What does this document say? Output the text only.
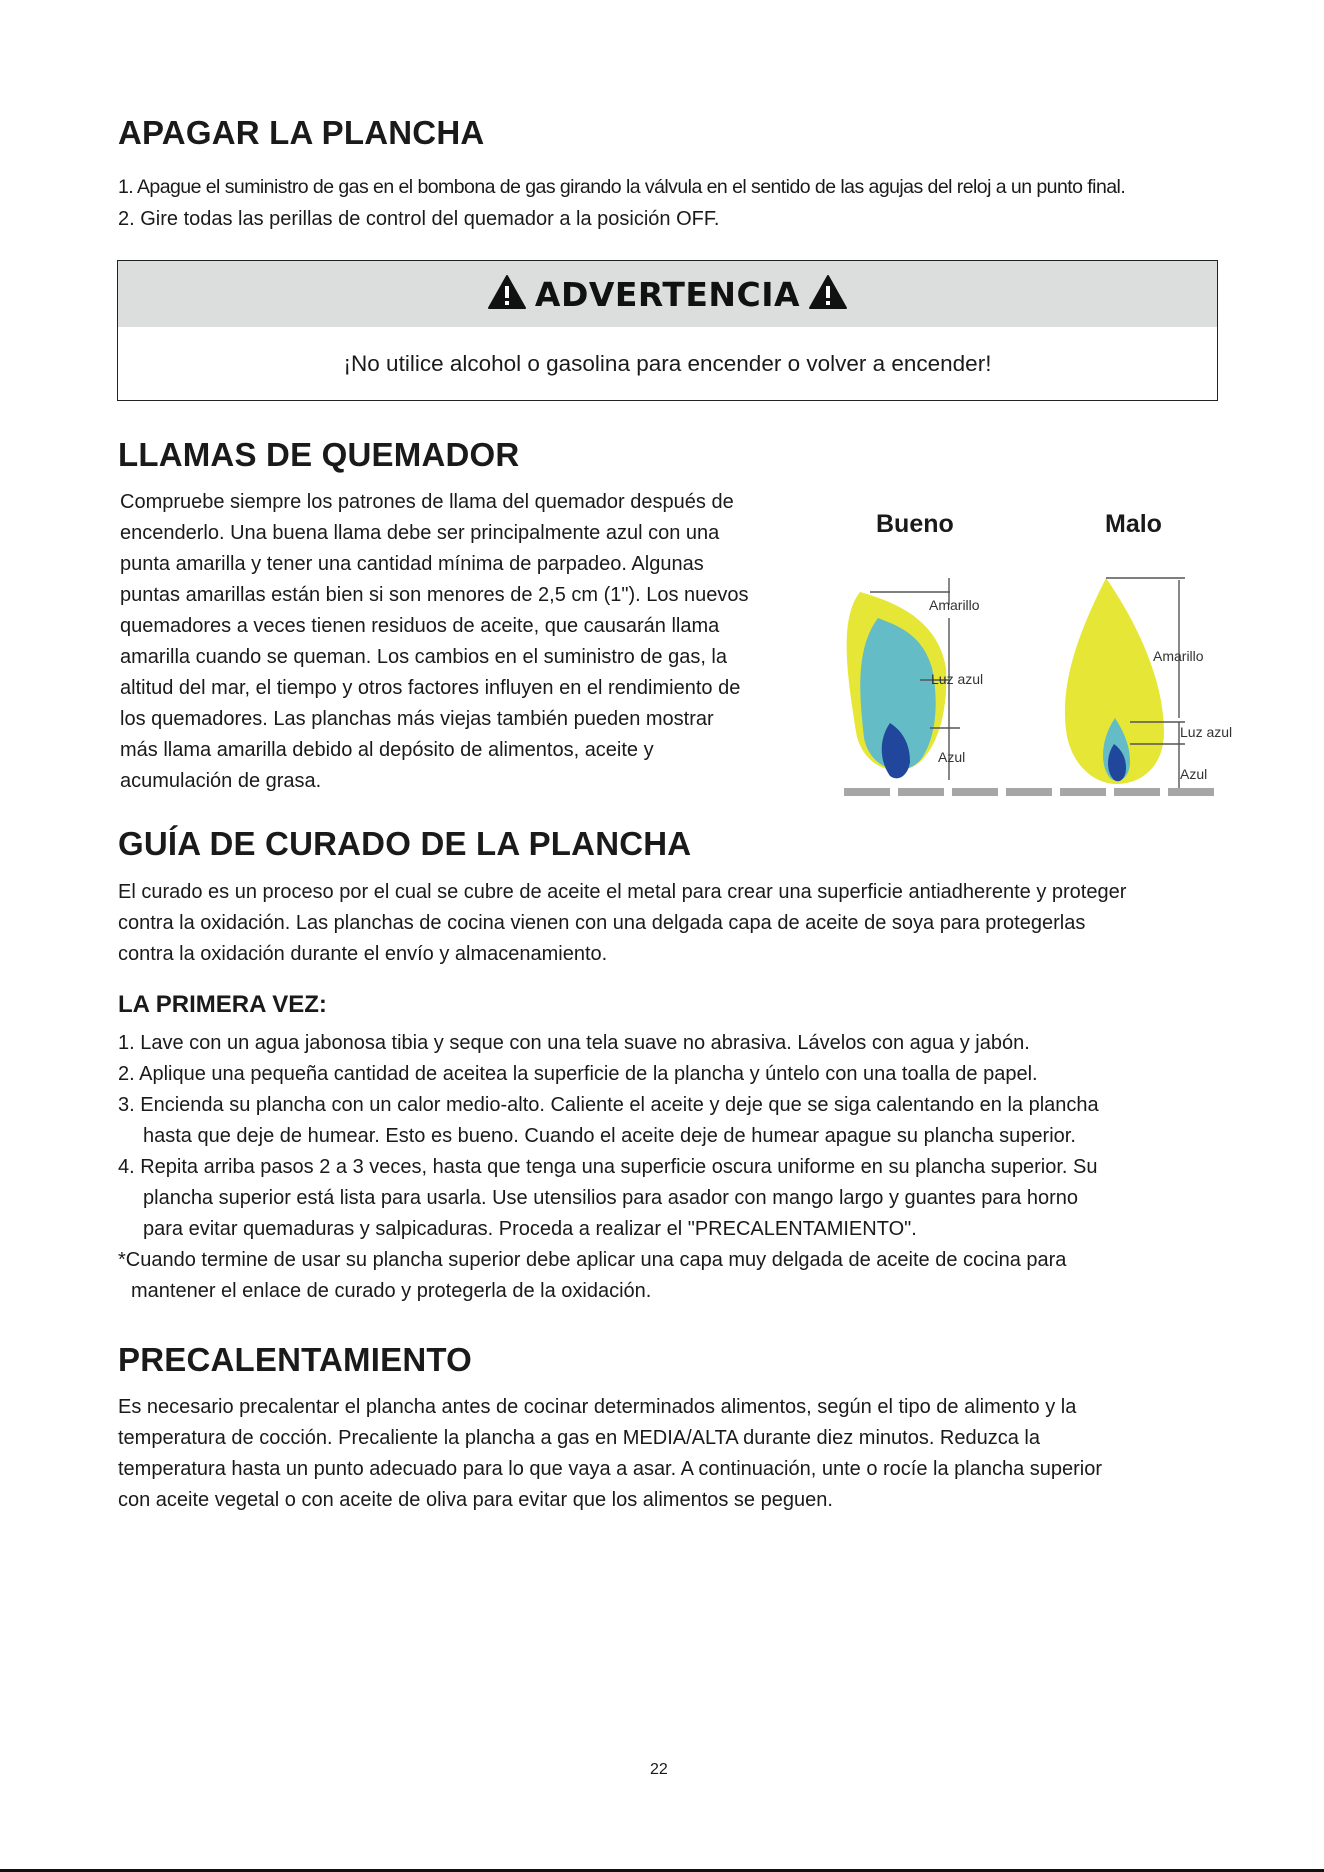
APAGAR LA PLANCHA
1. Apague el suministro de gas en el bombona de gas girando la válvula en el sentido de las agujas del reloj a un punto final.
2. Gire todas las perillas de control del quemador a la posición OFF.
ADVERTENCIA
¡No utilice alcohol o gasolina para encender o volver a encender!
LLAMAS DE QUEMADOR
Compruebe siempre los patrones de llama del quemador después de
encenderlo. Una buena llama debe ser principalmente azul con una
punta amarilla y tener una cantidad mínima de parpadeo. Algunas
puntas amarillas están bien si son menores de 2,5 cm (1"). Los nuevos
quemadores a veces tienen residuos de aceite, que causarán llama
amarilla cuando se queman. Los cambios en el suministro de gas, la
altitud del mar, el tiempo y otros factores influyen en el rendimiento de
los quemadores. Las planchas más viejas también pueden mostrar
más llama amarilla debido al depósito de alimentos, aceite y
acumulación de grasa.
Bueno	Malo
Amarillo
Luz azul
Azul
Amarillo
Luz azul
Azul
GUÍA DE CURADO DE LA PLANCHA
El curado es un proceso por el cual se cubre de aceite el metal para crear una superficie antiadherente y proteger
contra la oxidación. Las planchas de cocina vienen con una delgada capa de aceite de soya para protegerlas
contra la oxidación durante el envío y almacenamiento.
LA PRIMERA VEZ:
1. Lave con un agua jabonosa tibia y seque con una tela suave no abrasiva. Lávelos con agua y jabón.
2. Aplique una pequeña cantidad de aceitea la superficie de la plancha y úntelo con una toalla de papel.
3. Encienda su plancha con un calor medio-alto. Caliente el aceite y deje que se siga calentando en la plancha
hasta que deje de humear. Esto es bueno. Cuando el aceite deje de humear apague su plancha superior.
4. Repita arriba pasos 2 a 3 veces, hasta que tenga una superficie oscura uniforme en su plancha superior. Su
plancha superior está lista para usarla. Use utensilios para asador con mango largo y guantes para horno
para evitar quemaduras y salpicaduras. Proceda a realizar el "PRECALENTAMIENTO".
*Cuando termine de usar su plancha superior debe aplicar una capa muy delgada de aceite de cocina para
mantener el enlace de curado y protegerla de la oxidación.
PRECALENTAMIENTO
Es necesario precalentar el plancha antes de cocinar determinados alimentos, según el tipo de alimento y la
temperatura de cocción. Precaliente la plancha a gas en MEDIA/ALTA durante diez minutos. Reduzca la
temperatura hasta un punto adecuado para lo que vaya a asar. A continuación, unte o rocíe la plancha superior
con aceite vegetal o con aceite de oliva para evitar que los alimentos se peguen.
22
